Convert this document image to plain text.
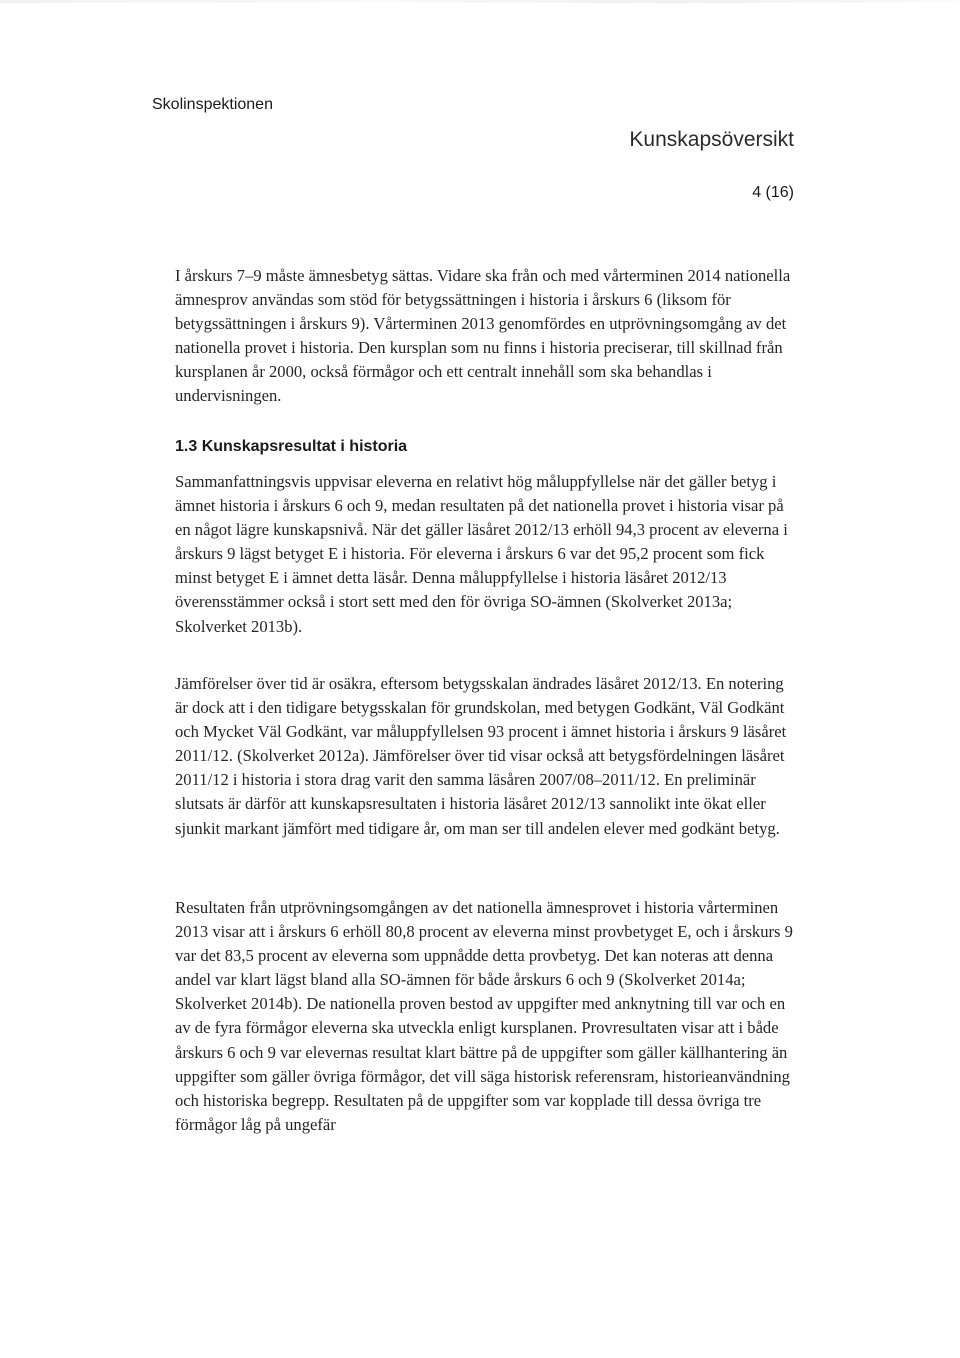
Skolinspektionen
Kunskapsöversikt
4 (16)

I årskurs 7–9 måste ämnesbetyg sättas. Vidare ska från och med vårterminen 2014 nationella ämnesprov användas som stöd för betygssättningen i historia i årskurs 6 (liksom för betygssättningen i årskurs 9). Vårterminen 2013 genomfördes en utprövningsomgång av det nationella provet i historia. Den kursplan som nu finns i historia preciserar, till skillnad från kursplanen år 2000, också förmågor och ett centralt innehåll som ska behandlas i undervisningen.

1.3 Kunskapsresultat i historia

Sammanfattningsvis uppvisar eleverna en relativt hög måluppfyllelse när det gäller betyg i ämnet historia i årskurs 6 och 9, medan resultaten på det nationella provet i historia visar på en något lägre kunskapsnivå. När det gäller läsåret 2012/13 erhöll 94,3 procent av eleverna i årskurs 9 lägst betyget E i historia. För eleverna i årskurs 6 var det 95,2 procent som fick minst betyget E i ämnet detta läsår. Denna måluppfyllelse i historia läsåret 2012/13 överensstämmer också i stort sett med den för övriga SO-ämnen (Skolverket 2013a; Skolverket 2013b).

Jämförelser över tid är osäkra, eftersom betygsskalan ändrades läsåret 2012/13. En notering är dock att i den tidigare betygsskalan för grundskolan, med betygen Godkänt, Väl Godkänt och Mycket Väl Godkänt, var måluppfyllelsen 93 procent i ämnet historia i årskurs 9 läsåret 2011/12. (Skolverket 2012a). Jämförelser över tid visar också att betygsfördelningen läsåret 2011/12 i historia i stora drag varit den samma läsåren 2007/08–2011/12. En preliminär slutsats är därför att kunskapsresultaten i historia läsåret 2012/13 sannolikt inte ökat eller sjunkit markant jämfört med tidigare år, om man ser till andelen elever med godkänt betyg.

Resultaten från utprövningsomgången av det nationella ämnesprovet i historia vårterminen 2013 visar att i årskurs 6 erhöll 80,8 procent av eleverna minst provbetyget E, och i årskurs 9 var det 83,5 procent av eleverna som uppnådde detta provbetyg. Det kan noteras att denna andel var klart lägst bland alla SO-ämnen för både årskurs 6 och 9 (Skolverket 2014a; Skolverket 2014b). De nationella proven bestod av uppgifter med anknytning till var och en av de fyra förmågor eleverna ska utveckla enligt kursplanen. Provresultaten visar att i både årskurs 6 och 9 var elevernas resultat klart bättre på de uppgifter som gäller källhantering än uppgifter som gäller övriga förmågor, det vill säga historisk referensram, historieanvändning och historiska begrepp. Resultaten på de uppgifter som var kopplade till dessa övriga tre förmågor låg på ungefär
